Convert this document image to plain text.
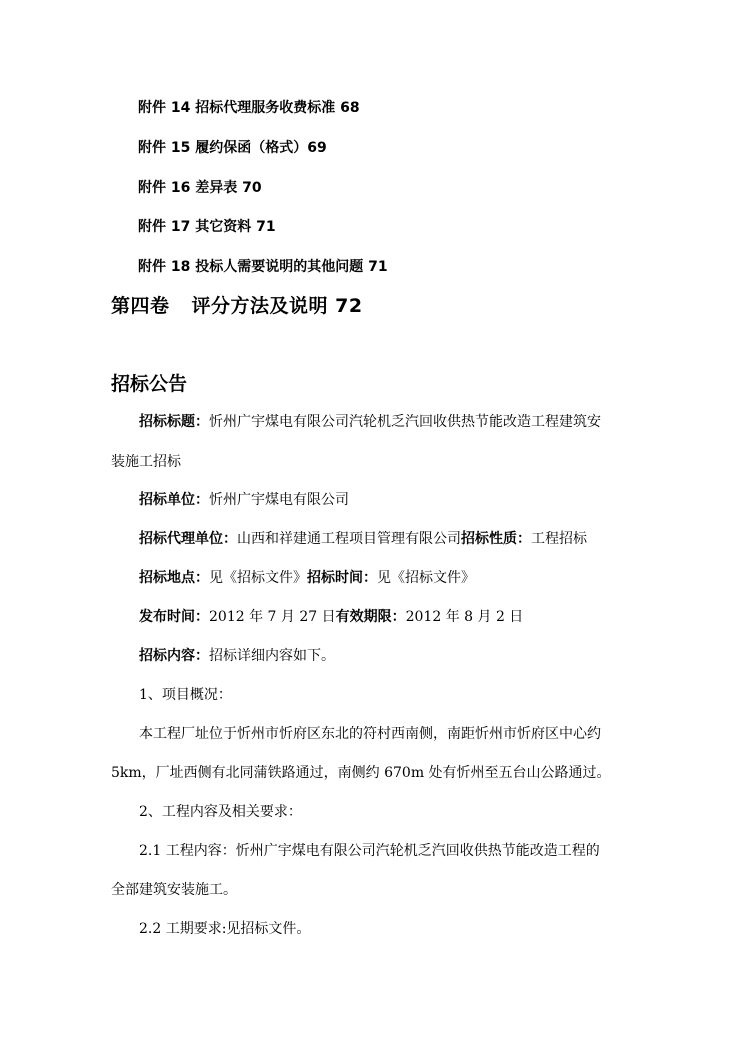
附件 14 招标代理服务收费标准 68
附件 15 履约保函（格式）69
附件 16 差异表 70
附件 17 其它资料 71
附件 18 投标人需要说明的其他问题 71
第四卷 评分方法及说明 72
招标公告
招标标题：忻州广宇煤电有限公司汽轮机乏汽回收供热节能改造工程建筑安
装施工招标
招标单位：忻州广宇煤电有限公司
招标代理单位：山西和祥建通工程项目管理有限公司招标性质：工程招标
招标地点：见《招标文件》招标时间：见《招标文件》
发布时间：2012 年 7 月 27 日有效期限：2012 年 8 月 2 日
招标内容：招标详细内容如下。
1、项目概况：
本工程厂址位于忻州市忻府区东北的符村西南侧，南距忻州市忻府区中心约
5km，厂址西侧有北同蒲铁路通过，南侧约 670m 处有忻州至五台山公路通过。
2、工程内容及相关要求：
2.1 工程内容：忻州广宇煤电有限公司汽轮机乏汽回收供热节能改造工程的
全部建筑安装施工。
2.2 工期要求:见招标文件。
